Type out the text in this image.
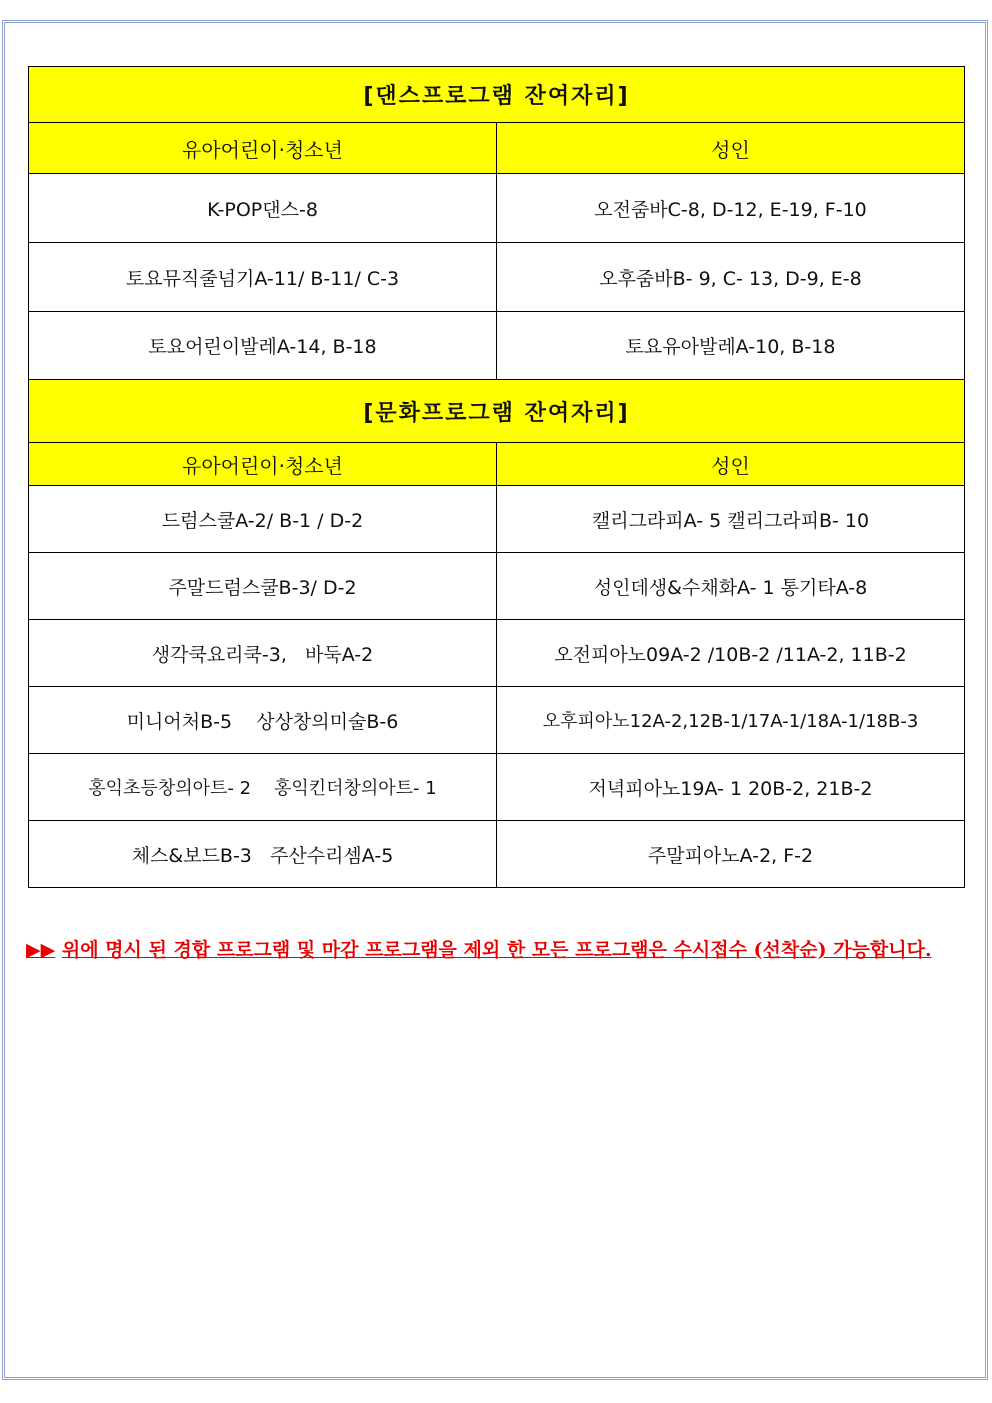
[댄스프로그램 잔여자리]	
유아어린이·청소년	성인
K-POP댄스-8	오전줌바C-8, D-12, E-19, F-10
토요뮤직줄넘기A-11/ B-11/ C-3	오후줌바B- 9, C- 13, D-9, E-8
토요어린이발레A-14, B-18	토요유아발레A-10, B-18
[문화프로그램 잔여자리]	
유아어린이·청소년	성인
드럼스쿨A-2/ B-1 / D-2	캘리그라피A- 5 캘리그라피B- 10
주말드럼스쿨B-3/ D-2	성인데생&수채화A- 1 통기타A-8
생각쿡요리쿡-3,   바둑A-2	오전피아노09A-2 /10B-2 /11A-2, 11B-2
미니어처B-5    상상창의미술B-6	오후피아노12A-2,12B-1/17A-1/18A-1/18B-3
홍익초등창의아트- 2    홍익킨더창의아트- 1	저녁피아노19A- 1 20B-2, 21B-2
체스&보드B-3   주산수리셈A-5	주말피아노A-2, F-2
▶▶ 위에 명시 된 경합 프로그램 및 마감 프로그램을 제외 한 모든 프로그램은 수시접수 (선착순) 가능합니다.
